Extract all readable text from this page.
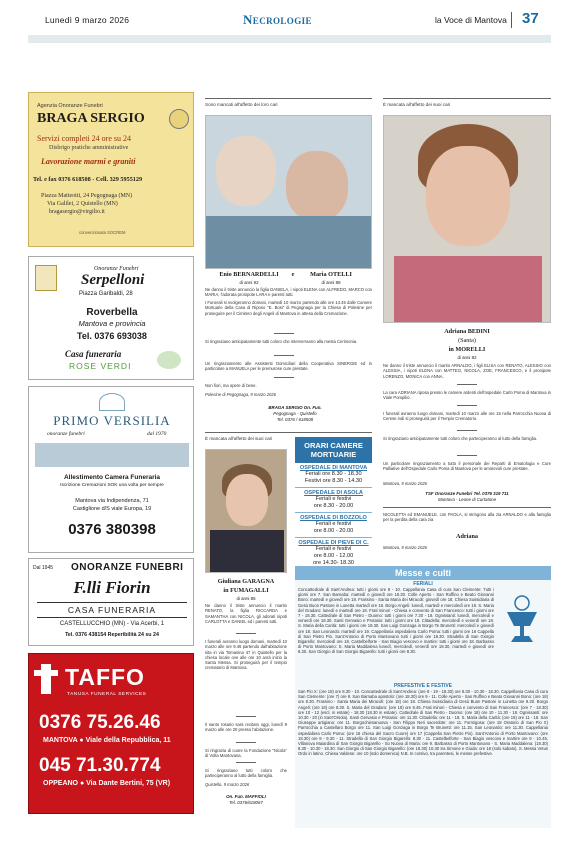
Lunedì 9 marzo 2026	Necrologie	la Voce di Mantova 37
Agenzia Onoranze Funebri
BRAGA SERGIO
Servizi completi 24 ore su 24
Disbrigo pratiche amministrative
Lavorazione marmi e graniti
Tel. e fax 0376 618508 - Cell. 329 5955129
Piazza Matteotti, 24 Pegognaga (MN)
Via Galilei, 2 Quistello (MN)
bragasergio@virgilio.it
convenzionata SOCREM
Onoranze Funebri
Serpelloni
Piazza Garibaldi, 28
Roverbella
Mantova e provincia
Tel. 0376 693038
Casa funeraria
ROSE VERDI
PRIMO VERSILIA
onoranze funebri	dal 1970
Allestimento Camera Funeraria
Iscrizione Cremazioni SOK una volta per sempre
Mantova via Indipendenza, 71
Castiglione d/S viale Europa, 19
0376 380398
Dal 1945 ONORANZE FUNEBRI
F.lli Fiorin
CASA FUNERARIA
CASTELLUCCHIO (MN) - Via Acerbi, 1
Tel. 0376 438154 Reperibilità 24 su 24
TAFFO
TANUSA FUNERAL SERVICES
0376 75.26.46
MANTOVA ● Viale della Repubblica, 11
045 71.30.774
OPPEANO ● Via Dante Bertini, 75 (VR)
Sono mancati all'affetto dei loro cari
Enio BERNARDELLI	e	Maria OTELLI
di anni 92	di anni 88
Ne danno il triste annuncio la figlia DANIELA, i nipoti ELENA con ALFREDO, MARCO con MARIA, l'adorata pronipote LARA e parenti tutti.
I Funerali si svolgeranno domani, martedì 10 marzo partendo alle ore 14.45 dalle Camere Mortuarie della Casa di Riposo "E. Bosi" di Pegognaga per la Chiesa di Polesine per proseguire per il Cimitero degli Angeli di Mantova in attesa della Cremazione.
Si ringraziano anticipatamente tutti coloro che interverranno alla mesta Cerimonia.
Un ringraziamento alle Assistenti Domiciliari della Cooperativa SINERGIE ed in particolare a MANUELA per le premurose cure prestate.
Non fiori, ma opere di bene.
Polesine di Pegognaga, 9 marzo 2026
BRAGA SERGIO On. Fun.
Pegognaga - Quistello
Tel. 0376 / 618508
È mancata all'affetto dei suoi cari
Giuliana GARAGNA
in FUMAGALLI
di anni 86
Ne danno il triste annuncio il marito RENATO, la figlia RICCARDA e SAMANTHA con NICOLA, gli adorati nipoti CARLOTTA e DANIEL ed i parenti tutti.
I funerali avranno luogo domani, martedì 10 marzo alle ore 9.45 partendo dall'abitazione sita in via Tomasina 47 in Quistello per la chiesa locale ove alle ore 10 avrà inizio la Santa Messa. Si proseguirà per il tempio crematorio di Mantova.
Il santo rosario sarà recitato oggi, lunedì 9 marzo alle ore 20 presso l'abitazione.
Si ringrazia di cuore la Fondazione "Nicola" di Volta Mantovana.
Si ringraziano tutti coloro che parteciperanno al lutto della famiglia.
Quistello, 9 marzo 2026
On. Fun. MAFFIOLI
Tel. 0376/618067
ORARI CAMERE MORTUARIE
OSPEDALE DI MANTOVA
Feriali ore 8.30 - 18.30
Festivi ore 8.30 - 14.30
OSPEDALE DI ASOLA
Feriali e festivi
ore 8.30 - 20.00
OSPEDALE DI BOZZOLO
Feriali e festivi
ore 8.00 - 20.00
OSPEDALE DI PIEVE DI C.
Feriali e festivi
ore 8.00 - 12.00
ore 14.30- 18.30
È mancata all'affetto dei suoi cari
Adriana BEDINI
(Santa)
in MORELLI
di anni 82
Ne danno il triste annuncio il marito ARNALDO, i figli ELISA con RENATO, ALESSIO con ALESSIA, i nipoti ELENA con MATTEO, NICOLA, ZOE, FRANCESCO, e il pronipote LORENZO, MONICA con ANNA.
La cara ADRIANA riposa presso le camere ardenti dell'ospedale Carlo Poma di Mantova in Viale Pompilio.
I funerali avranno luogo domani, martedì 10 marzo alle ore 15 nella Parrocchia Nuova di Cerese indi si proseguirà per il Tempio Crematorio.
Si ringraziano anticipatamente tutti coloro che parteciperanno al lutto della famiglia.
Un particolare ringraziamento a tutto il personale dei Reparti di Ematologia e Cure Palliative dell'Ospedale Carlo Poma di Mantova per le amorevoli cure prestate.
Mantova, 9 marzo 2026
TSF Onoranze Funebri Tel. 0376 319 711
Mantova - Leone di Curtatone
NICOLETTA ed EMANUELE, con PAOLA, si stringono alla zia ARNALDO e alla famiglia per la perdita della cara zia
Adriana
Mantova, 9 marzo 2026
Messe e culti
FERIALI
Concattedrale di Sant'Andrea: tutti i giorni ore 8 - 10. Cappellania Casa di cura San Clemente: Tutti i giorni ore 7. San Barnaba: martedì e giovedì ore 18.30. Colle Aperto - San Ruffino e Beato Giovanni Bono: martedì e giovedì ore 18. Frassino - Santa Maria dei Miracoli: giovedì ore 18. Chiesa Sussidiaria di Gesù Buon Pastore in Lunetta martedì ore 18. Borgo Angeli: lunedì, martedì e mercoledì ore 18. S. Maria del Gradaro: lunedì e martedì ore 18. Frati minori - Chiesa e convento di San Francesco: tutti i giorni ore 7 - 18.30. Cattedrale di San Pietro - Duomo: tutti i giorni ore 7.30 - 18. Ognissanti: lunedì, mercoledì e venerdì ore 18.30. Santi Gervasio e Protasio: tutti i giorni ore 18. Cittadella: mercoledì e venerdì ore 18. S. Maria della Carità: tutti i giorni ore 18.30. San Luigi Gonzaga in Borgo Te Brunetti: mercoledì e giovedì ore 18. San Leonardo: martedì ore 19. Cappellania ospedaliera Carlo Poma: tutti i giorni ore 16 Cappella di San Pietro Pio. Sant'Antonio di Porto Mantovano tutti i giorni ore 18.30. Stradella di San Giorgio Bigarello: mercoledì ore 18. Castelbelforte - San Biagio vescovo e martire: tutti i giorni ore 18. Barbasso di Porto Mantovano: S. Maria Maddalena lunedì, mercoledì, venerdì ore 18.30, martedì e giovedì ore 8.30. San Giorgio di San Giorgio Bigarello: tutti i giorni ore 8.30.
PREFESTIVE E FESTIVE
San Pio X: (ore 18) ore 8.30 - 10. Concattedrale di Sant'Andrea: (ore 8 - 19 - 18.30) ore 8.30 - 10.30 - 18.30. Cappellania Casa di cura San Clemente: (ore 7) ore 9. San Barnaba apostolo: (ore 18.30) ore 9 - 11. Colle Aperto - San Ruffino e Beato Giovanni Bono: (ore 18) ore 8.30. Frassino - Santa Maria dei Miracoli: (ore 18) ore 18. Chiesa Sussidiaria di Gesù Buon Pastore in Lunetta ore 9.30. Borgo Angeli: (ore 18) ore 8.30. S. Maria del Gradaro: (ore 18) ore 9.45. Frati minori - Chiesa e convento di San Francesco: (ore 7 - 18.30) ore 10 - 12 (escl. in estate) - 18.30 (18.30 in estate). Cattedrale di San Pietro - Duomo: (ore 18) ore 10 - 11.30 - 18. Ognissanti: ore 10.30 - 20 (in Sant'Orsola). Santi Gervasio e Protasio: ore 11.30. Cittadella: ore 11 - 18. S. Maria della Carità: (ore 18) ore 11 - 18. San Giuseppe artigiano: ore 11. Borgochiesanuova - San Filippo Neri sacerdote: ore 11. Formigosa: (ore 18 Oratorio di San Pio X) Parrocchia a Castellaro Borgo ore 11. San Luigi Gonzaga in Borgo Te Brunetti: ore 11.15. San Leonardo: ore 11.30. Cappellania ospedaliera Carlo Poma: (ore 16 chiesa del Sacro Cuore) ore 17 (Cappella San Pietro Pio). Sant'Antonio di Porto Mantovano: (ore 18.30) ore 9 - 9.30 - 11. Stradella di San Giorgio Bigarello: 8.30 - 11. Castelbelforte - San Biagio vescovo e martire ore 9 - 10.45. Villanova Maiardina di San Giorgio Bigarello - So Nuova di Maria: ore 9. Barbasso di Porto Mantovano - S. Maria Maddalena: (18.30) 8.30 - 10.30 - 18.30. San Giorgio di San Giorgio Bigarello: (ore 18.30) 10.30 Sa Simone e Giuda: ore 18 (solo sabato). S. Messa Vetus Ordo in latino. Chiesa Valdese: ore 10 (solo domenica) N.B. In corsivo, tra parentesi, le messe prefestive.
